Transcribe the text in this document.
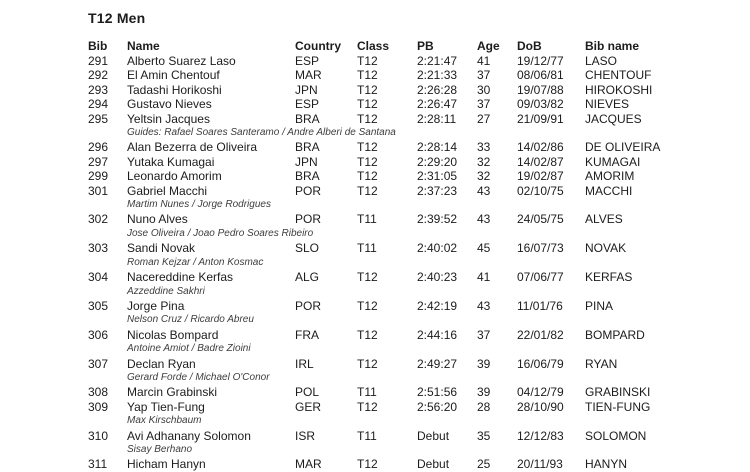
T12 Men
Bib	Name	Country	Class	PB	Age	DoB	Bib name
291	Alberto Suarez Laso	ESP	T12	2:21:47	41	19/12/77	LASO
292	El Amin Chentouf	MAR	T12	2:21:33	37	08/06/81	CHENTOUF
293	Tadashi Horikoshi	JPN	T12	2:26:28	30	19/07/88	HIROKOSHI
294	Gustavo Nieves	ESP	T12	2:26:47	37	09/03/82	NIEVES
295	Yeltsin Jacques	BRA	T12	2:28:11	27	21/09/91	JACQUES
Guides: Rafael Soares Santeramo / Andre Alberi de Santana
296	Alan Bezerra de Oliveira	BRA	T12	2:28:14	33	14/02/86	DE OLIVEIRA
297	Yutaka Kumagai	JPN	T12	2:29:20	32	14/02/87	KUMAGAI
299	Leonardo Amorim	BRA	T12	2:31:05	32	19/02/87	AMORIM
301	Gabriel Macchi	POR	T12	2:37:23	43	02/10/75	MACCHI
Martim Nunes / Jorge Rodrigues
302	Nuno Alves	POR	T11	2:39:52	43	24/05/75	ALVES
Jose Oliveira / Joao Pedro Soares Ribeiro
303	Sandi Novak	SLO	T11	2:40:02	45	16/07/73	NOVAK
Roman Kejzar / Anton Kosmac
304	Nacereddine Kerfas	ALG	T12	2:40:23	41	07/06/77	KERFAS
Azzeddine Sakhri
305	Jorge Pina	POR	T12	2:42:19	43	11/01/76	PINA
Nelson Cruz / Ricardo Abreu
306	Nicolas Bompard	FRA	T12	2:44:16	37	22/01/82	BOMPARD
Antoine Amiot / Badre Zioini
307	Declan Ryan	IRL	T12	2:49:27	39	16/06/79	RYAN
Gerard Forde / Michael O'Conor
308	Marcin Grabinski	POL	T11	2:51:56	39	04/12/79	GRABINSKI
309	Yap Tien-Fung	GER	T12	2:56:20	28	28/10/90	TIEN-FUNG
Max Kirschbaum
310	Avi Adhanany Solomon	ISR	T11	Debut	35	12/12/83	SOLOMON
Sisay Berhano
311	Hicham Hanyn	MAR	T12	Debut	25	20/11/93	HANYN
